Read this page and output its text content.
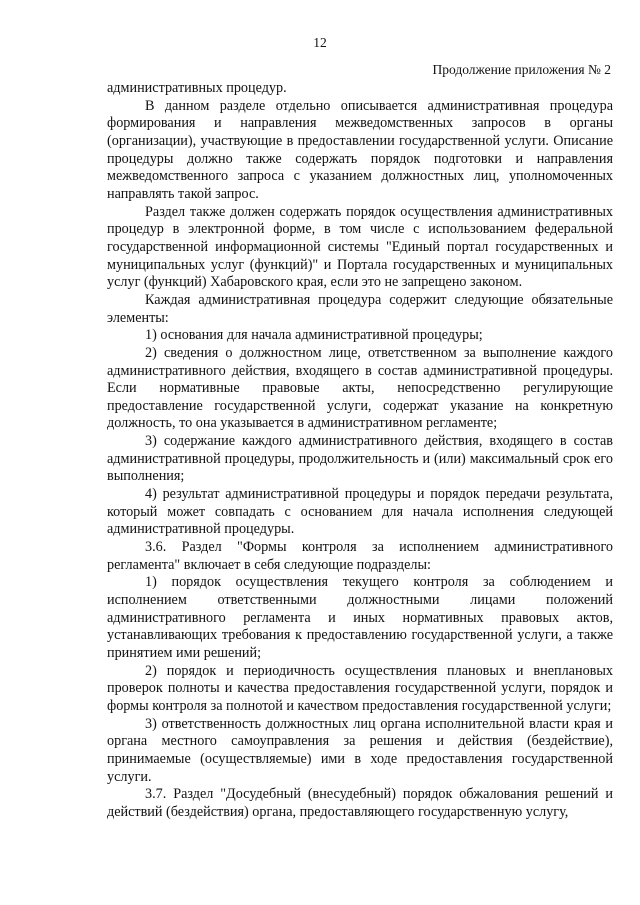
12
Продолжение приложения № 2

административных процедур.

В данном разделе отдельно описывается административная процедура формирования и направления межведомственных запросов в органы (организации), участвующие в предоставлении государственной услуги. Описание процедуры должно также содержать порядок подготовки и направления межведомственного запроса с указанием должностных лиц, уполномоченных направлять такой запрос.

Раздел также должен содержать порядок осуществления административных процедур в электронной форме, в том числе с использованием федеральной государственной информационной системы "Единый портал государственных и муниципальных услуг (функций)" и Портала государственных и муниципальных услуг (функций) Хабаровского края, если это не запрещено законом.

Каждая административная процедура содержит следующие обязательные элементы:

1) основания для начала административной процедуры;

2) сведения о должностном лице, ответственном за выполнение каждого административного действия, входящего в состав административной процедуры. Если нормативные правовые акты, непосредственно регулирующие предоставление государственной услуги, содержат указание на конкретную должность, то она указывается в административном регламенте;

3) содержание каждого административного действия, входящего в состав административной процедуры, продолжительность и (или) максимальный срок его выполнения;

4) результат административной процедуры и порядок передачи результата, который может совпадать с основанием для начала исполнения следующей административной процедуры.

3.6. Раздел "Формы контроля за исполнением административного регламента" включает в себя следующие подразделы:

1) порядок осуществления текущего контроля за соблюдением и исполнением ответственными должностными лицами положений административного регламента и иных нормативных правовых актов, устанавливающих требования к предоставлению государственной услуги, а также принятием ими решений;

2) порядок и периодичность осуществления плановых и внеплановых проверок полноты и качества предоставления государственной услуги, порядок и формы контроля за полнотой и качеством предоставления государственной услуги;

3) ответственность должностных лиц органа исполнительной власти края и органа местного самоуправления за решения и действия (бездействие), принимаемые (осуществляемые) ими в ходе предоставления государственной услуги.

3.7. Раздел "Досудебный (внесудебный) порядок обжалования решений и действий (бездействия) органа, предоставляющего государственную услугу,
